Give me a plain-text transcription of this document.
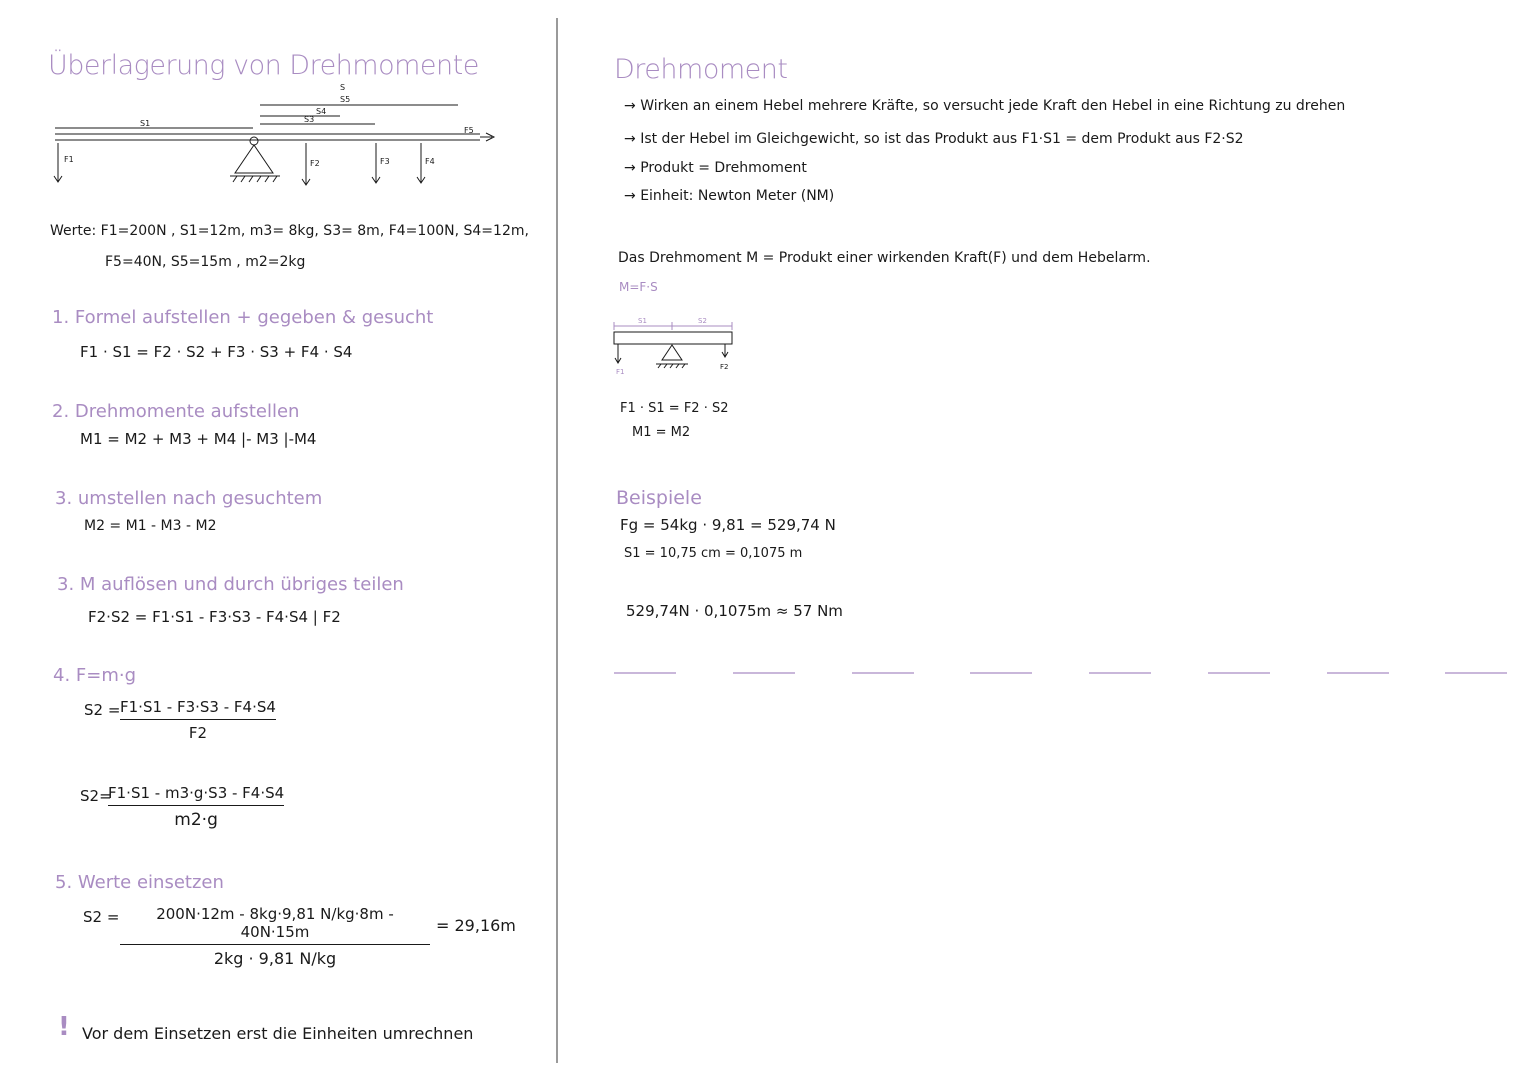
Überlagerung von Drehmomente
S
S1	S3
S4
S5
F1	F2	F3	F4
F5
Werte: F1=200N , S1=12m, m3= 8kg, S3= 8m, F4=100N, S4=12m,
F5=40N, S5=15m , m2=2kg
1. Formel aufstellen + gegeben & gesucht
F1 · S1 = F2 · S2 + F3 · S3 + F4 · S4
2. Drehmomente aufstellen
M1 = M2 + M3 + M4 |- M3 |-M4
3. umstellen nach gesuchtem
M2 = M1 - M3 - M2
3. M auflösen und durch übriges teilen
F2·S2 = F1·S1 - F3·S3 - F4·S4 | F2
4. F=m·g
$S2 = \frac{F1\cdot S1 - F3\cdot S3 - F4\cdot S4}{F2}$
S2=
$\frac{F1\cdot S1 - m3\cdot g\cdot S3 - F4\cdot S4}{m2\cdot g}$
5. Werte einsetzen
$S2 = \frac{200N\cdot 12m - 8kg\cdot 9,81 N/kg\cdot 8m - 40N\cdot 15m}{2kg \cdot 9,81 N/kg} = 29,16m$
! Vor dem Einsetzen erst die Einheiten umrechnen
Drehmoment
→ Wirken an einem Hebel mehrere Kräfte, so versucht jede Kraft den Hebel in eine Richtung zu drehen
→ Ist der Hebel im Gleichgewicht, so ist das Produkt aus F1·S1 = dem Produkt aus F2·S2
→ Produkt = Drehmoment
→ Einheit: Newton Meter (NM)
Das Drehmoment M = Produkt einer wirkenden Kraft(F) und dem Hebelarm.
M=F·S
S1	S2
F1
F2
F1 · S1 = F2 · S2
M1 = M2
Beispiele
Fg = 54kg · 9,81 = 529,74 N
S1 = 10,75 cm = 0,1075 m
529,74N · 0,1075m ≈ 57 Nm
